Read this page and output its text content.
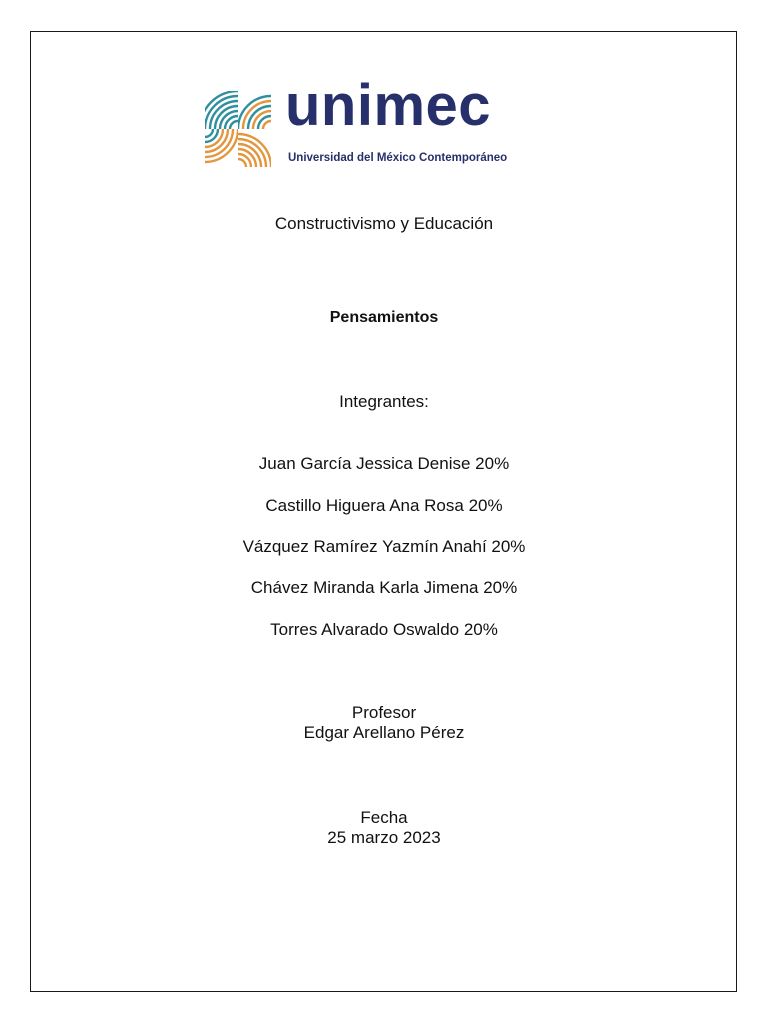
unimec
Universidad del México Contemporáneo
Constructivismo y Educación
Pensamientos
Integrantes:
Juan García Jessica Denise 20%
Castillo Higuera Ana Rosa 20%
Vázquez Ramírez Yazmín Anahí 20%
Chávez Miranda Karla Jimena 20%
Torres Alvarado Oswaldo 20%
Profesor
Edgar Arellano Pérez
Fecha
25 marzo 2023
